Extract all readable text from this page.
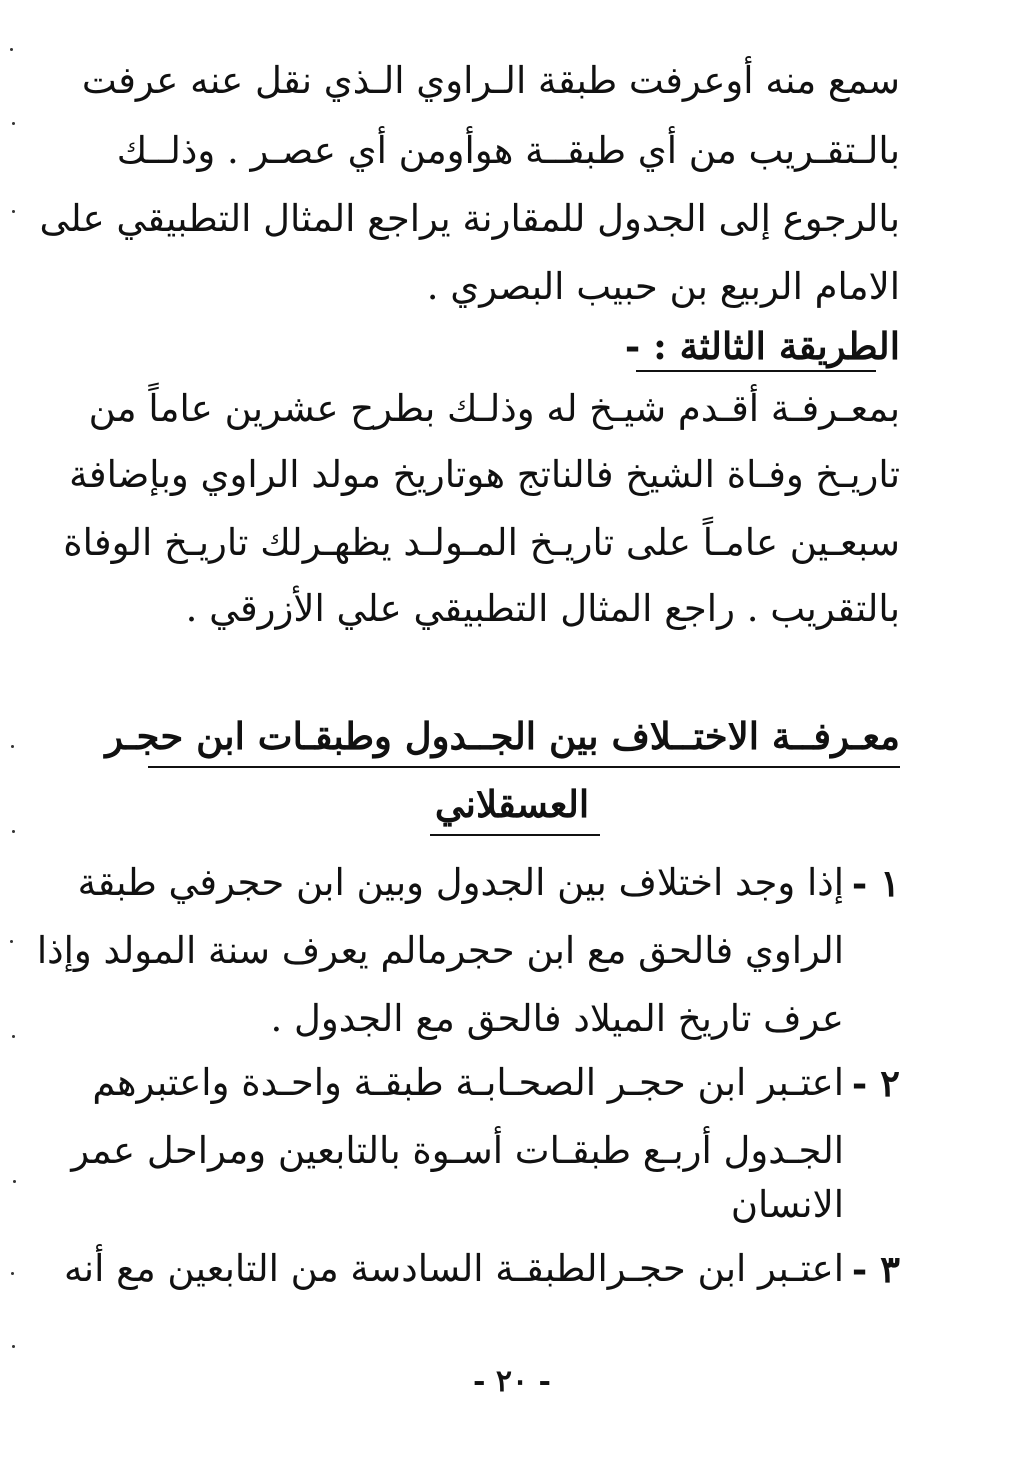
سمع منه أوعرفت طبقة الـراوي الـذي نقل عنه عرفت
بالـتقـريب من أي طبقــة هوأومن أي عصـر . وذلــك
بالرجوع إلى الجدول للمقارنة يراجع المثال التطبيقي على
الامام الربيع بن حبيب البصري .
الطريقة الثالثة : -
بمعـرفـة أقـدم شيـخ له وذلـك بطرح عشرين عاماً من
تاريـخ وفـاة الشيخ فالناتج هوتاريخ مولد الراوي وبإضافة
سبعـين عامـاً على تاريـخ المـولـد يظهـرلك تاريـخ الوفاة
بالتقريب . راجع المثال التطبيقي علي الأزرقي .
معـرفــة الاختــلاف بين الجــدول وطبقـات ابن حجـر
العسقلاني
١ -
إذا وجد اختلاف بين الجدول وبين ابن حجرفي طبقة
الراوي فالحق مع ابن حجرمالم يعرف سنة المولد وإذا
عرف تاريخ الميلاد فالحق مع الجدول .
٢ -
اعتـبر ابن حجـر الصحـابـة طبقـة واحـدة واعتبرهم
الجـدول أربـع طبقـات أسـوة بالتابعين ومراحل عمر
الانسان
٣ -
اعتـبر ابن حجـرالطبقـة السادسة من التابعين مع أنه
- ٢٠ -
